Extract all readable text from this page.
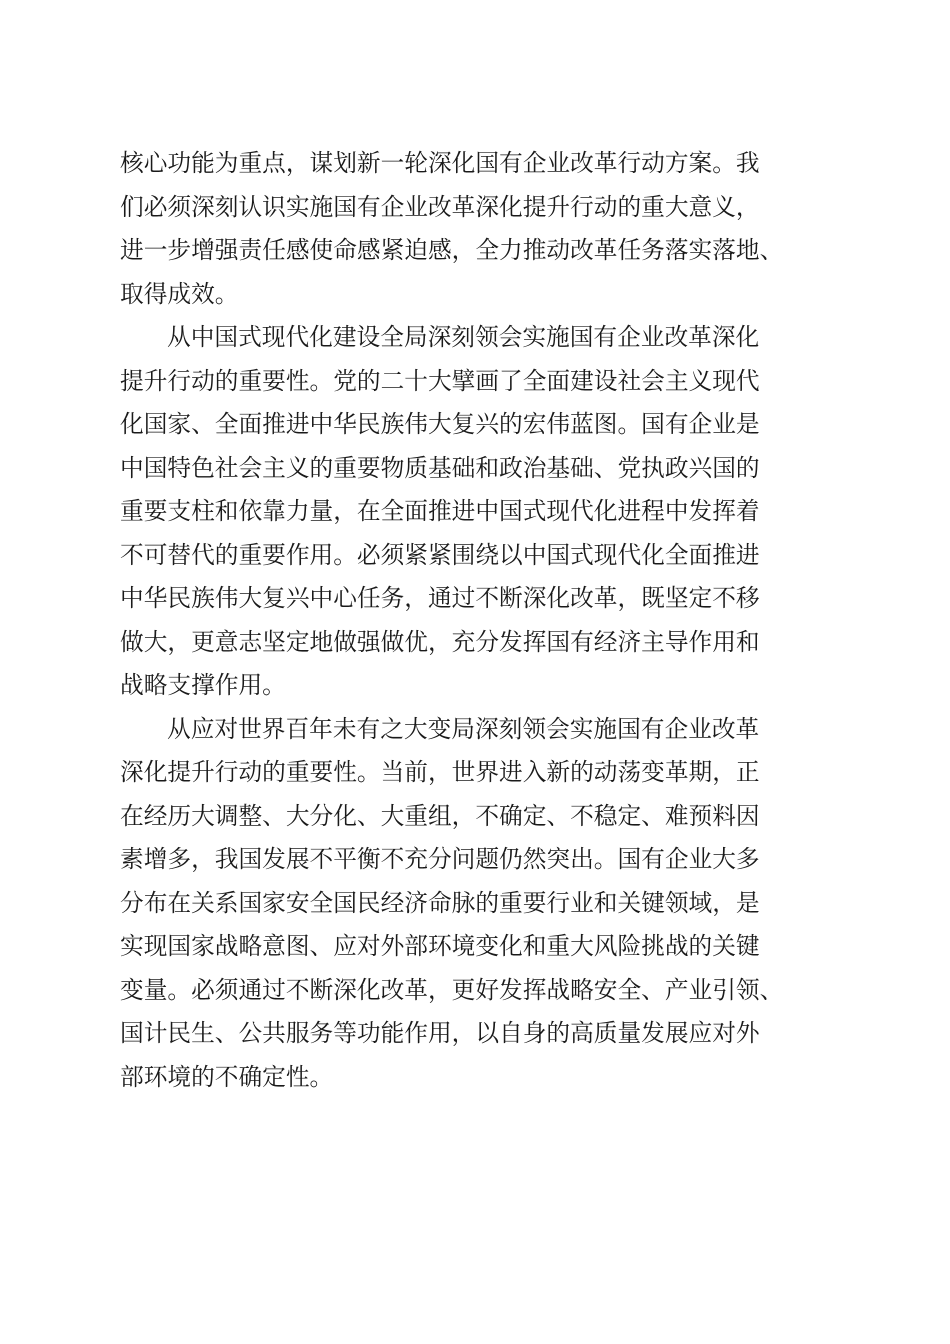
核心功能为重点，谋划新一轮深化国有企业改革行动方案。我
们必须深刻认识实施国有企业改革深化提升行动的重大意义，
进一步增强责任感使命感紧迫感，全力推动改革任务落实落地、
取得成效。
从中国式现代化建设全局深刻领会实施国有企业改革深化
提升行动的重要性。党的二十大擘画了全面建设社会主义现代
化国家、全面推进中华民族伟大复兴的宏伟蓝图。国有企业是
中国特色社会主义的重要物质基础和政治基础、党执政兴国的
重要支柱和依靠力量，在全面推进中国式现代化进程中发挥着
不可替代的重要作用。必须紧紧围绕以中国式现代化全面推进
中华民族伟大复兴中心任务，通过不断深化改革，既坚定不移
做大，更意志坚定地做强做优，充分发挥国有经济主导作用和
战略支撑作用。
从应对世界百年未有之大变局深刻领会实施国有企业改革
深化提升行动的重要性。当前，世界进入新的动荡变革期，正
在经历大调整、大分化、大重组，不确定、不稳定、难预料因
素增多，我国发展不平衡不充分问题仍然突出。国有企业大多
分布在关系国家安全国民经济命脉的重要行业和关键领域，是
实现国家战略意图、应对外部环境变化和重大风险挑战的关键
变量。必须通过不断深化改革，更好发挥战略安全、产业引领、
国计民生、公共服务等功能作用，以自身的高质量发展应对外
部环境的不确定性。
